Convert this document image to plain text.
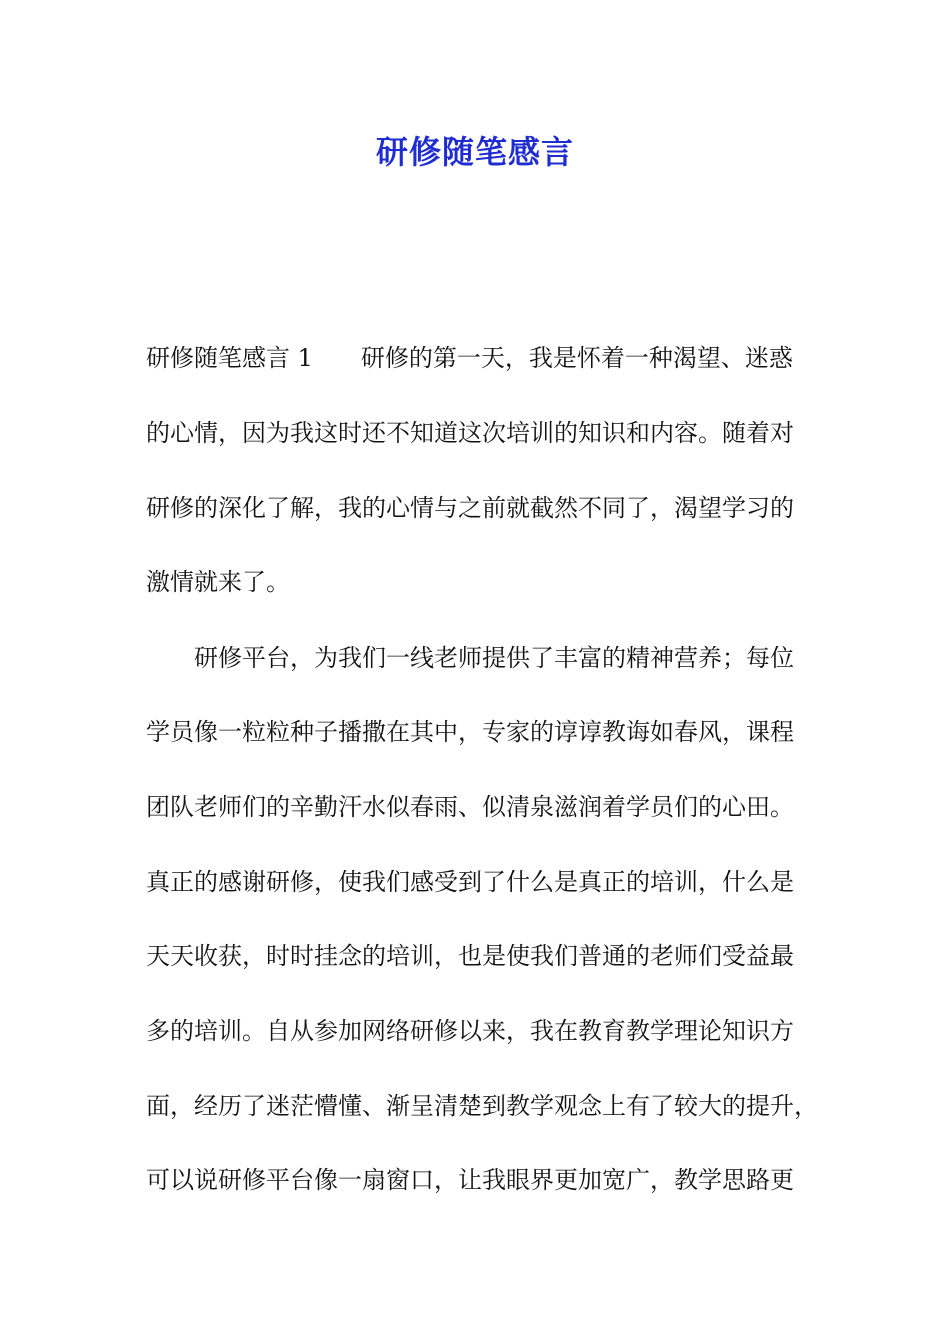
研修随笔感言
研修随笔感言 1　　研修的第一天，我是怀着一种渴望、迷惑
的心情，因为我这时还不知道这次培训的知识和内容。随着对
研修的深化了解，我的心情与之前就截然不同了，渴望学习的
激情就来了。
　　研修平台，为我们一线老师提供了丰富的精神营养；每位
学员像一粒粒种子播撒在其中，专家的谆谆教诲如春风，课程
团队老师们的辛勤汗水似春雨、似清泉滋润着学员们的心田。
真正的感谢研修，使我们感受到了什么是真正的培训，什么是
天天收获，时时挂念的培训，也是使我们普通的老师们受益最
多的培训。自从参加网络研修以来，我在教育教学理论知识方
面，经历了迷茫懵懂、渐呈清楚到教学观念上有了较大的提升，
可以说研修平台像一扇窗口，让我眼界更加宽广，教学思路更
